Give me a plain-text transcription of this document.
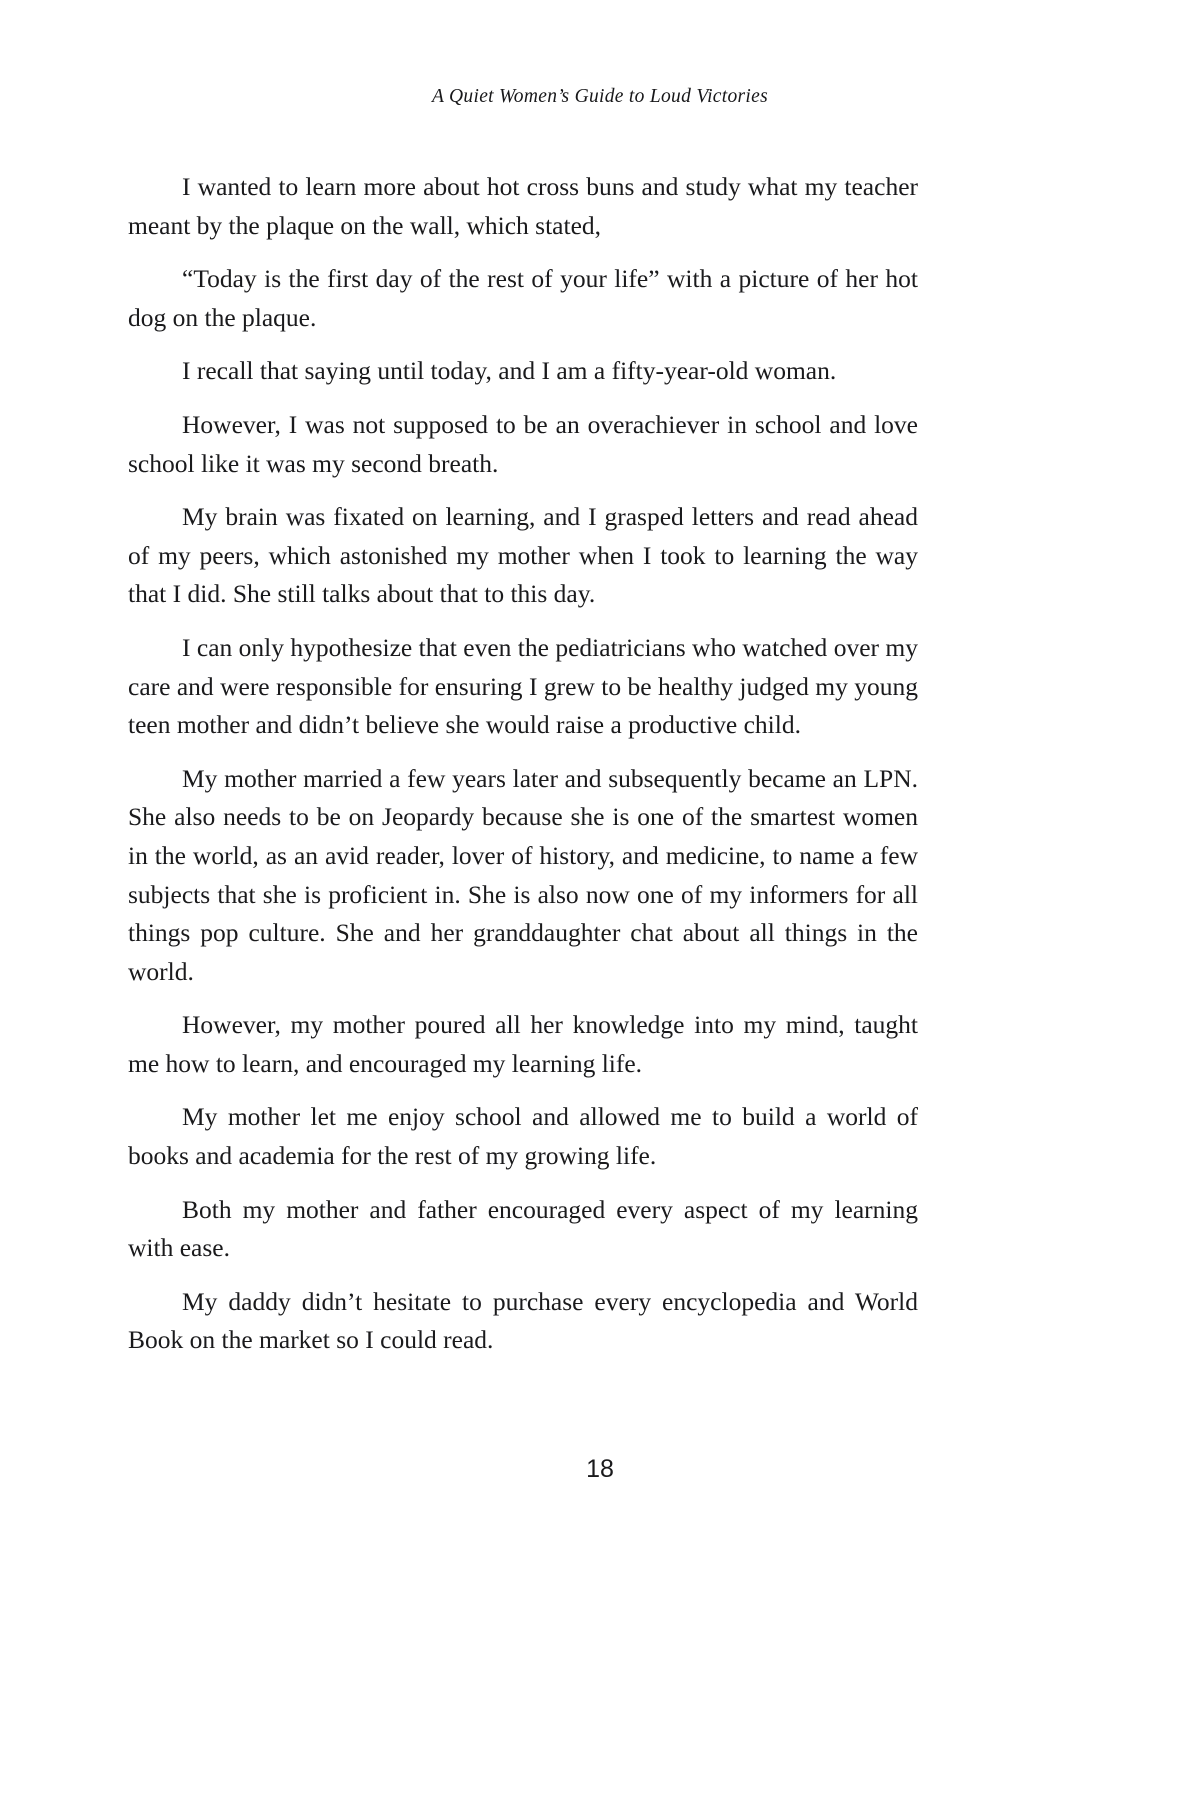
A Quiet Women’s Guide to Loud Victories

I wanted to learn more about hot cross buns and study what my teacher meant by the plaque on the wall, which stated,

“Today is the first day of the rest of your life” with a picture of her hot dog on the plaque.

I recall that saying until today, and I am a fifty-year-old woman.

However, I was not supposed to be an overachiever in school and love school like it was my second breath.

My brain was fixated on learning, and I grasped letters and read ahead of my peers, which astonished my mother when I took to learning the way that I did. She still talks about that to this day.

I can only hypothesize that even the pediatricians who watched over my care and were responsible for ensuring I grew to be healthy judged my young teen mother and didn’t believe she would raise a productive child.

My mother married a few years later and subsequently became an LPN. She also needs to be on Jeopardy because she is one of the smartest women in the world, as an avid reader, lover of history, and medicine, to name a few subjects that she is proficient in. She is also now one of my informers for all things pop culture. She and her granddaughter chat about all things in the world.

However, my mother poured all her knowledge into my mind, taught me how to learn, and encouraged my learning life.

My mother let me enjoy school and allowed me to build a world of books and academia for the rest of my growing life.

Both my mother and father encouraged every aspect of my learning with ease.

My daddy didn’t hesitate to purchase every encyclopedia and World Book on the market so I could read.

18
